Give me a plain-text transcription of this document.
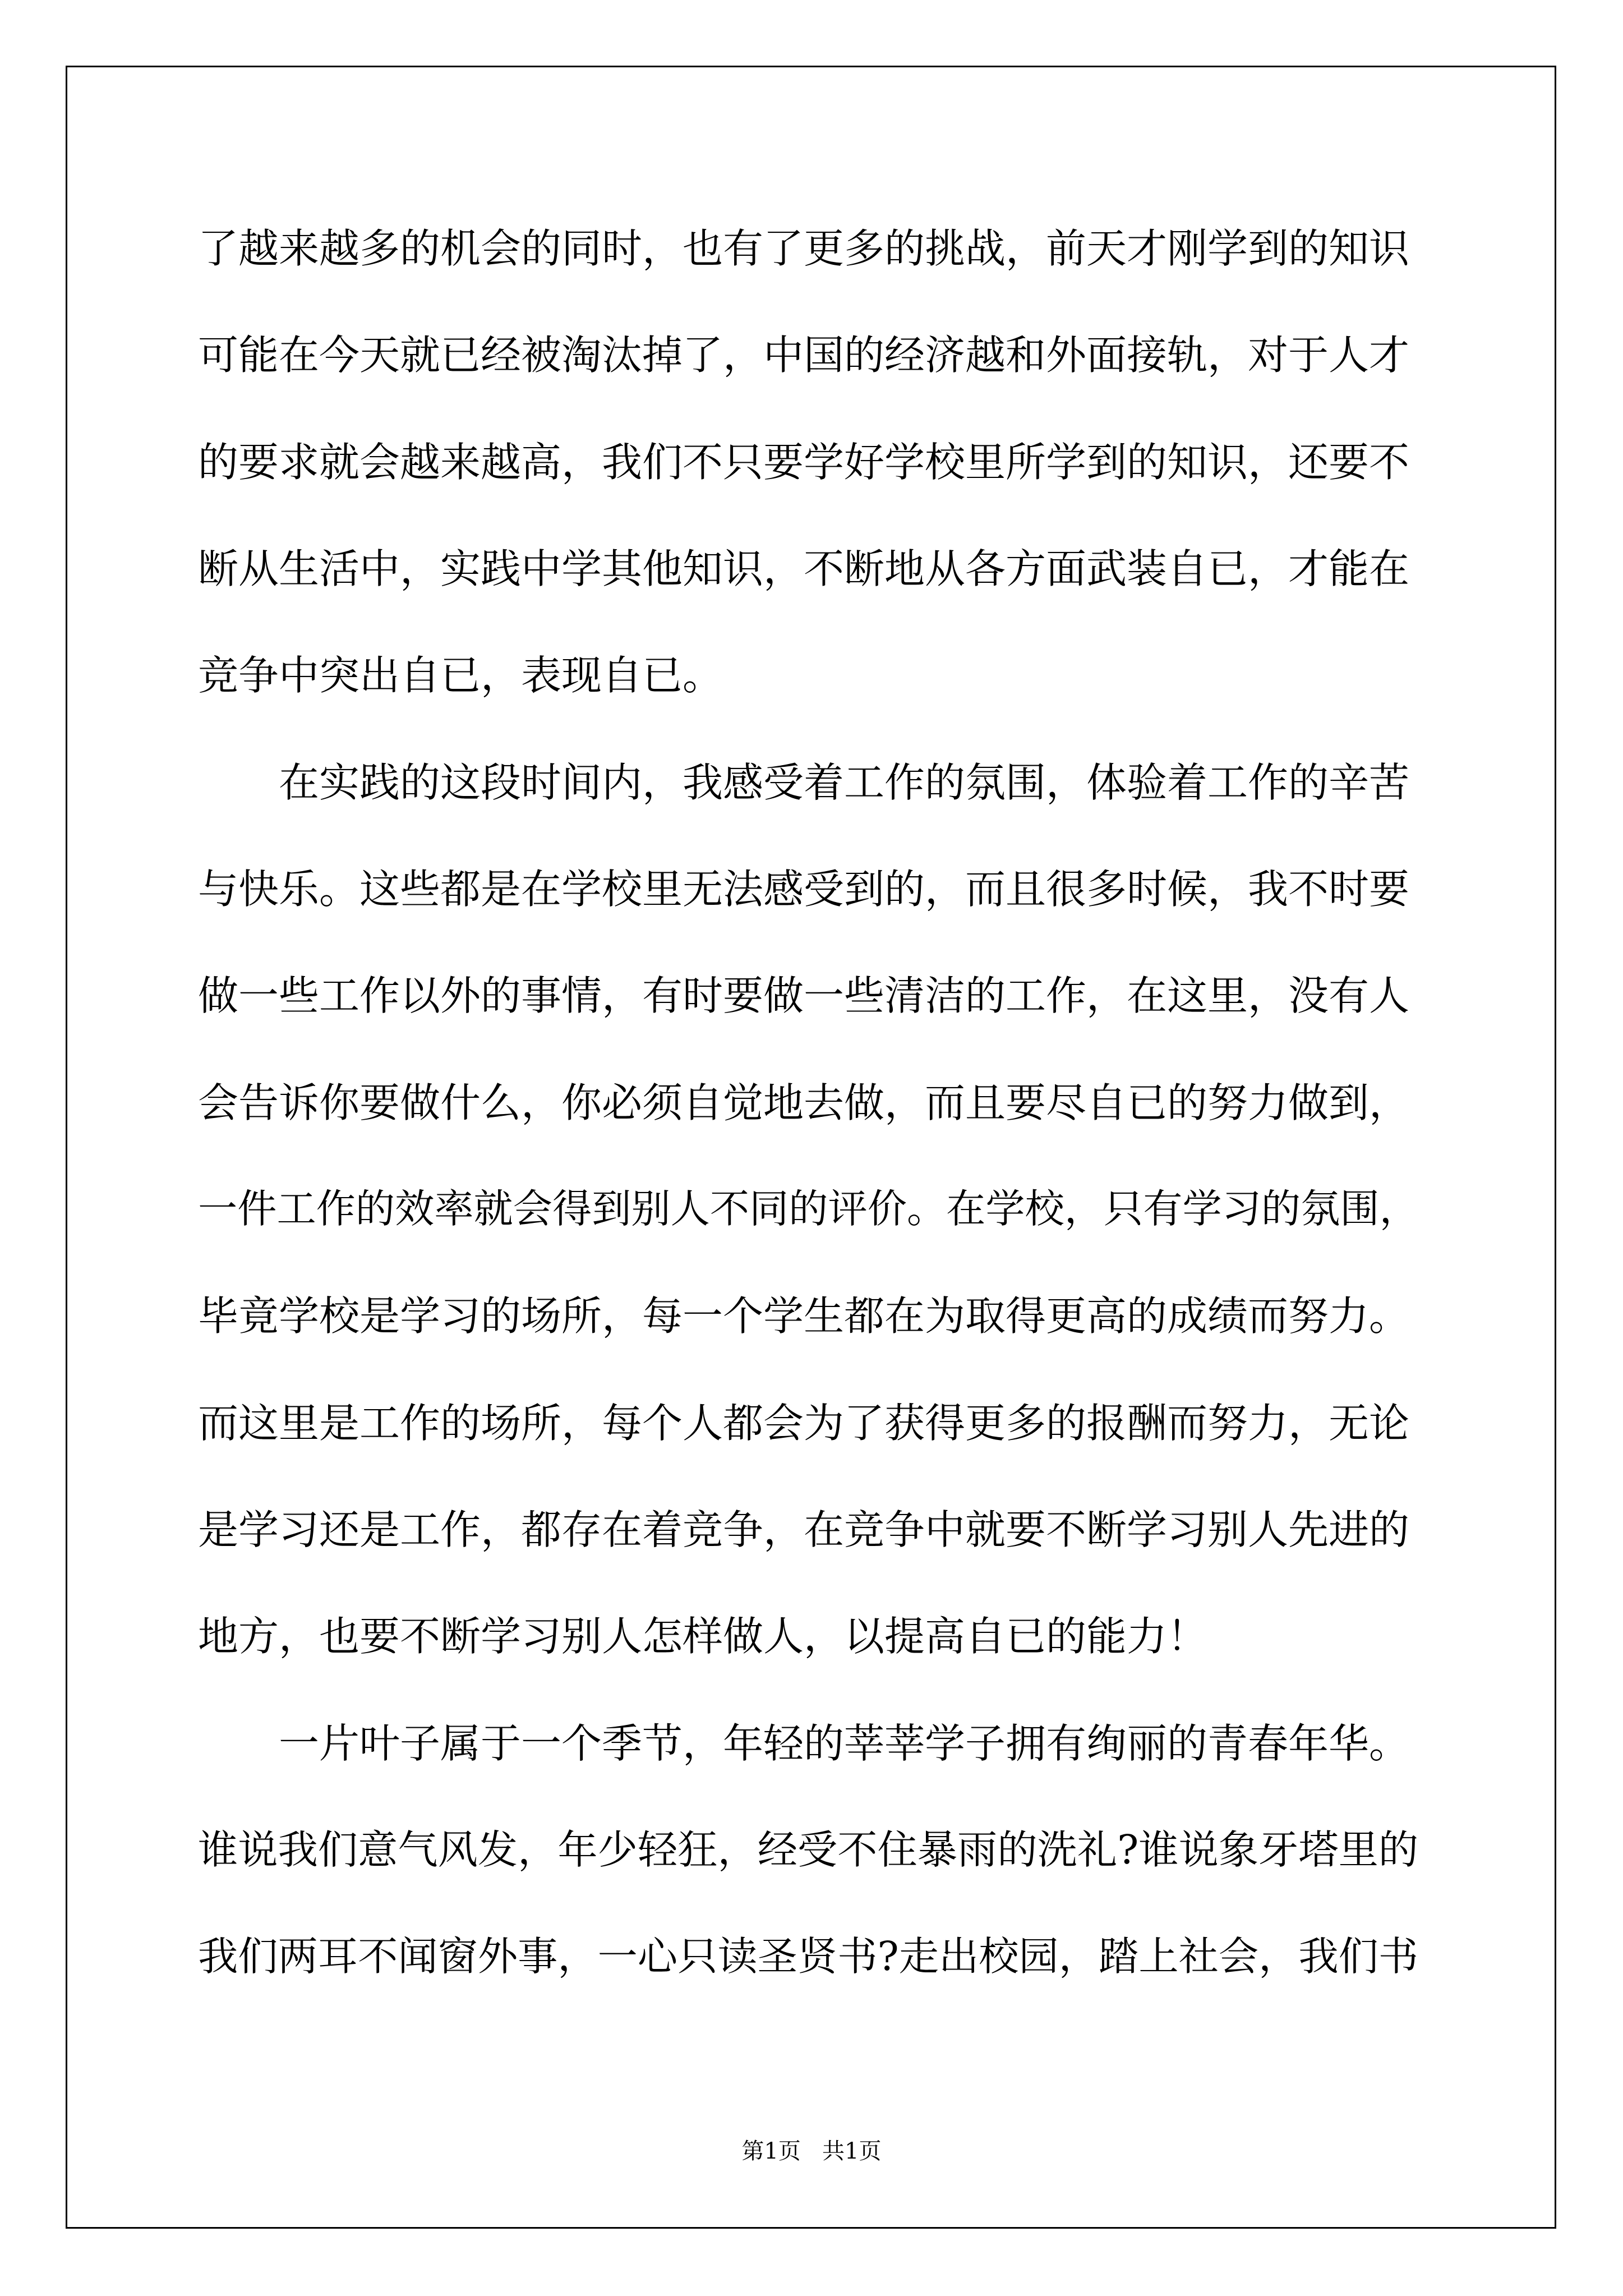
了越来越多的机会的同时，也有了更多的挑战，前天才刚学到的知识

可能在今天就已经被淘汰掉了，中国的经济越和外面接轨，对于人才

的要求就会越来越高，我们不只要学好学校里所学到的知识，还要不

断从生活中，实践中学其他知识，不断地从各方面武装自已，才能在

竞争中突出自已，表现自已。

在实践的这段时间内，我感受着工作的氛围，体验着工作的辛苦

与快乐。这些都是在学校里无法感受到的，而且很多时候，我不时要

做一些工作以外的事情，有时要做一些清洁的工作，在这里，没有人

会告诉你要做什么，你必须自觉地去做，而且要尽自已的努力做到，

一件工作的效率就会得到别人不同的评价。在学校，只有学习的氛围，

毕竟学校是学习的场所，每一个学生都在为取得更高的成绩而努力。

而这里是工作的场所，每个人都会为了获得更多的报酬而努力，无论

是学习还是工作，都存在着竞争，在竞争中就要不断学习别人先进的

地方，也要不断学习别人怎样做人，以提高自已的能力！

一片叶子属于一个季节，年轻的莘莘学子拥有绚丽的青春年华。

谁说我们意气风发，年少轻狂，经受不住暴雨的洗礼?谁说象牙塔里的

我们两耳不闻窗外事，一心只读圣贤书?走出校园，踏上社会，我们书

第1页   共1页
